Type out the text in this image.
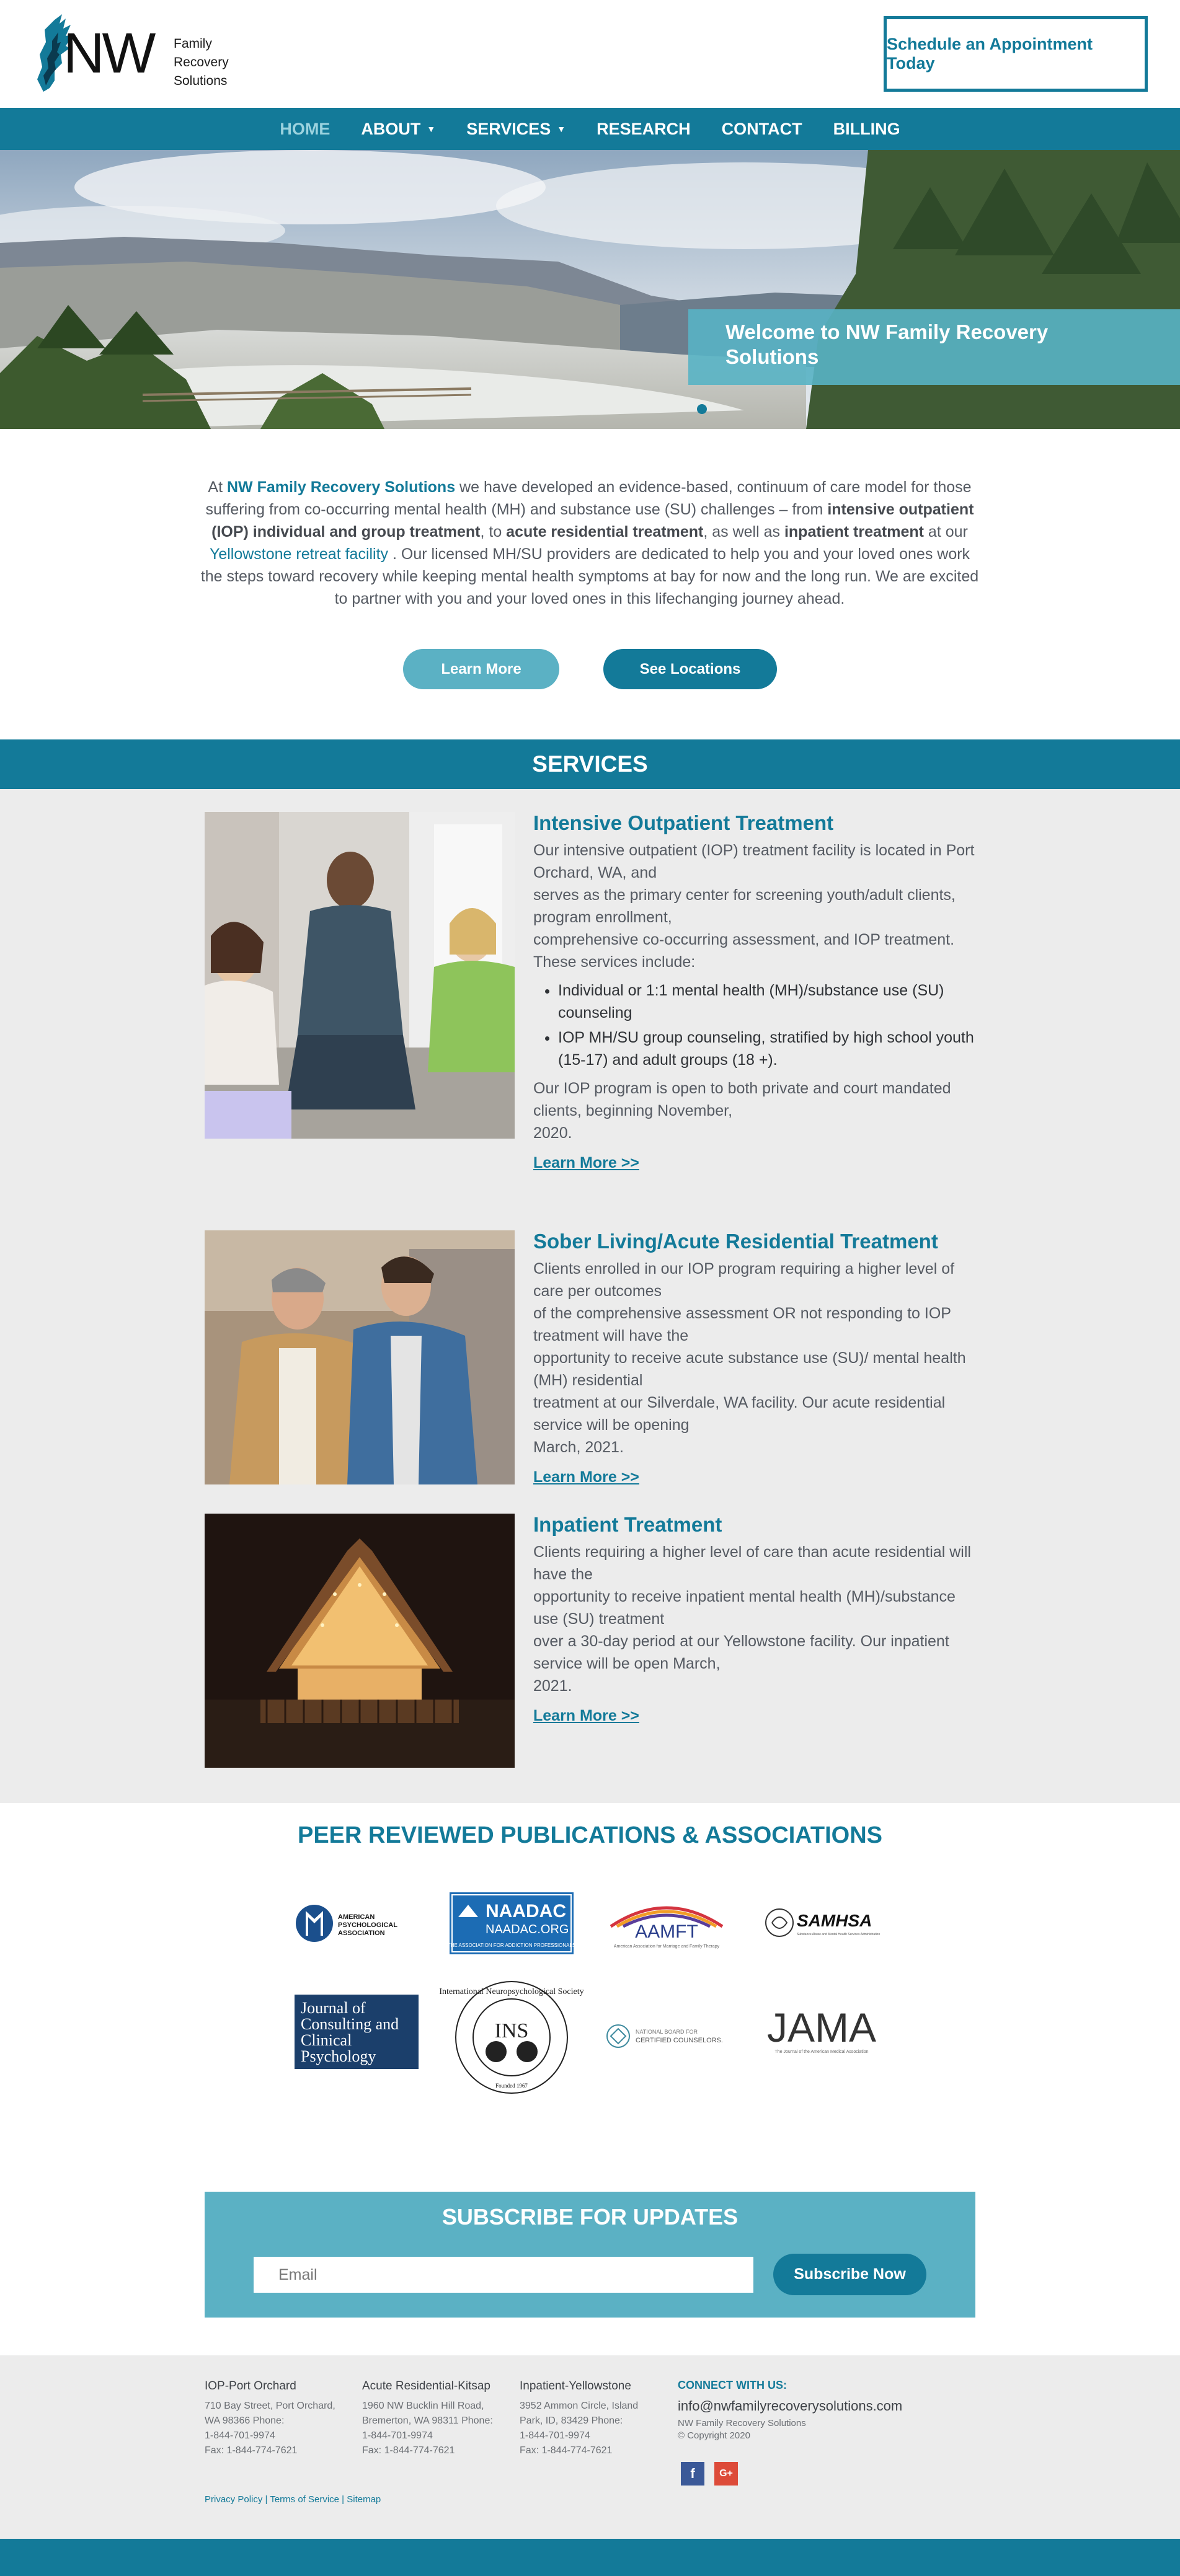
NW Family
Recovery
Solutions
Schedule an Appointment Today
HOME ABOUT ▼ SERVICES ▼ RESEARCH CONTACT BILLING
Welcome to NW Family Recovery Solutions
At NW Family Recovery Solutions we have developed an evidence-based, continuum of care model for those suffering from co-occurring mental health (MH) and substance use (SU) challenges – from intensive outpatient (IOP) individual and group treatment, to acute residential treatment, as well as inpatient treatment at our Yellowstone retreat facility . Our licensed MH/SU providers are dedicated to help you and your loved ones work the steps toward recovery while keeping mental health symptoms at bay for now and the long run. We are excited to partner with you and your loved ones in this lifechanging journey ahead.
Learn More	See Locations
SERVICES
Intensive Outpatient Treatment
Our intensive outpatient (IOP) treatment facility is located in Port Orchard, WA, and
serves as the primary center for screening youth/adult clients, program enrollment,
comprehensive co-occurring assessment, and IOP treatment. These services include:
• Individual or 1:1 mental health (MH)/substance use (SU) counseling
• IOP MH/SU group counseling, stratified by high school youth (15-17) and adult groups (18 +).
Our IOP program is open to both private and court mandated clients, beginning November,
2020.
Learn More >>
Sober Living/Acute Residential Treatment
Clients enrolled in our IOP program requiring a higher level of care per outcomes
of the comprehensive assessment OR not responding to IOP treatment will have the
opportunity to receive acute substance use (SU)/ mental health (MH) residential
treatment at our Silverdale, WA facility. Our acute residential service will be opening
March, 2021.
Learn More >>
Inpatient Treatment
Clients requiring a higher level of care than acute residential will have the
opportunity to receive inpatient mental health (MH)/substance use (SU) treatment
over a 30-day period at our Yellowstone facility. Our inpatient service will be open March,
2021.
Learn More >>
PEER REVIEWED PUBLICATIONS & ASSOCIATIONS
AMERICAN
PSYCHOLOGICAL
ASSOCIATION
NAADAC
NAADAC.ORG
THE ASSOCIATION FOR ADDICTION PROFESSIONALS
AAMFT
American Association for Marriage and Family Therapy
SAMHSA
Substance Abuse and Mental Health Services Administration
Journal of
Consulting and
Clinical
Psychology
INS
International Neuropsychological Society
Founded 1967
NATIONAL BOARD FOR
CERTIFIED COUNSELORS. JAMA
The Journal of the American Medical Association
SUBSCRIBE FOR UPDATES
Email	Subscribe Now
IOP-Port Orchard
710 Bay Street, Port Orchard,
WA 98366 Phone:
1-844-701-9974
Fax: 1-844-774-7621
Acute Residential-Kitsap
1960 NW Bucklin Hill Road,
Bremerton, WA 98311 Phone:
1-844-701-9974
Fax: 1-844-774-7621
Inpatient-Yellowstone
3952 Ammon Circle, Island
Park, ID, 83429 Phone:
1-844-701-9974
Fax: 1-844-774-7621
CONNECT WITH US:
info@nwfamilyrecoverysolutions.com
NW Family Recovery Solutions
© Copyright 2020
f	G+
Privacy Policy | Terms of Service | Sitemap
